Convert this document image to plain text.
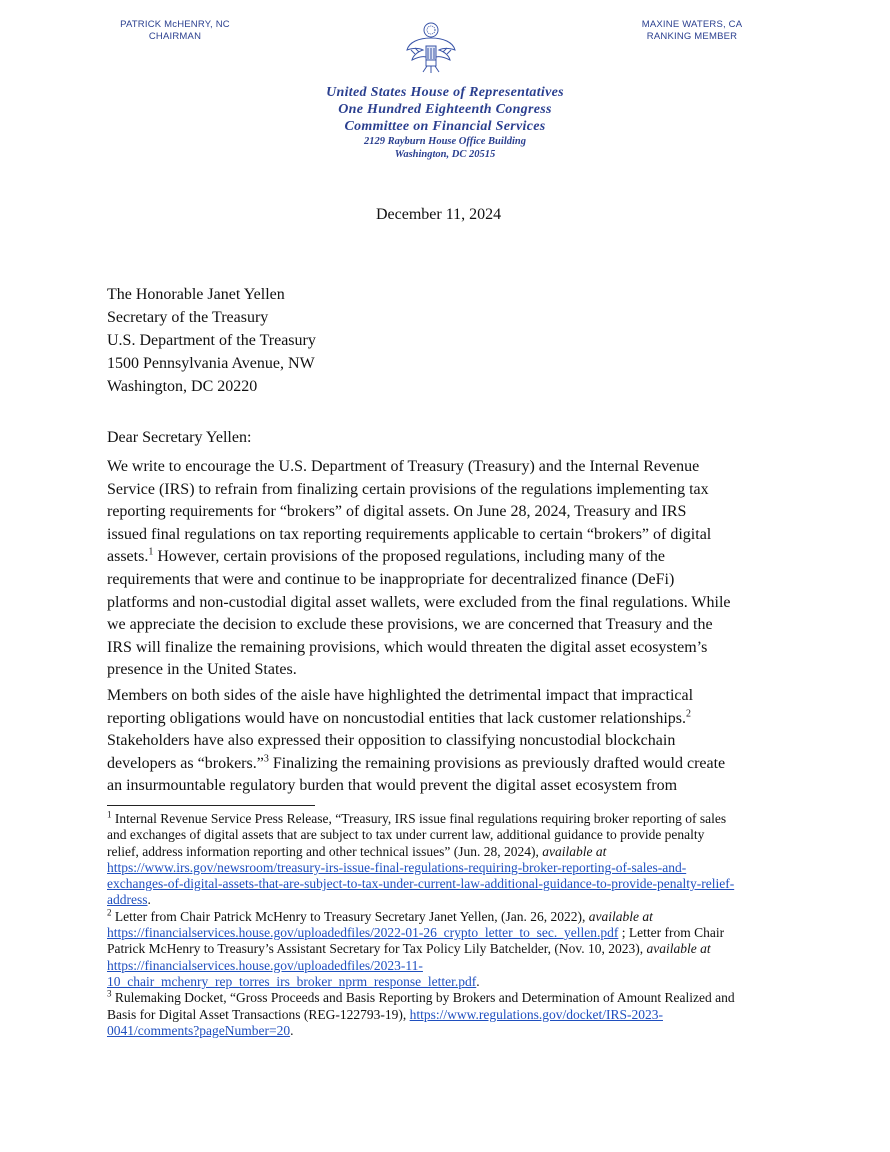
PATRICK McHENRY, NC
CHAIRMAN
MAXINE WATERS, CA
RANKING MEMBER
United States House of Representatives
One Hundred Eighteenth Congress
Committee on Financial Services
2129 Rayburn House Office Building
Washington, DC 20515
December 11, 2024
The Honorable Janet Yellen
Secretary of the Treasury
U.S. Department of the Treasury
1500 Pennsylvania Avenue, NW
Washington, DC 20220
Dear Secretary Yellen:
We write to encourage the U.S. Department of Treasury (Treasury) and the Internal Revenue
Service (IRS) to refrain from finalizing certain provisions of the regulations implementing tax
reporting requirements for “brokers” of digital assets. On June 28, 2024, Treasury and IRS
issued final regulations on tax reporting requirements applicable to certain “brokers” of digital
assets.$^1$ However, certain provisions of the proposed regulations, including many of the
requirements that were and continue to be inappropriate for decentralized finance (DeFi)
platforms and non-custodial digital asset wallets, were excluded from the final regulations. While
we appreciate the decision to exclude these provisions, we are concerned that Treasury and the
IRS will finalize the remaining provisions, which would threaten the digital asset ecosystem’s
presence in the United States.
Members on both sides of the aisle have highlighted the detrimental impact that impractical
reporting obligations would have on noncustodial entities that lack customer relationships.$^2$
Stakeholders have also expressed their opposition to classifying noncustodial blockchain
developers as “brokers.”$^3$ Finalizing the remaining provisions as previously drafted would create
an insurmountable regulatory burden that would prevent the digital asset ecosystem from
$^1$ Internal Revenue Service Press Release, “Treasury, IRS issue final regulations requiring broker reporting of sales
and exchanges of digital assets that are subject to tax under current law, additional guidance to provide penalty
relief, address information reporting and other technical issues” (Jun. 28, 2024), available at
https://www.irs.gov/newsroom/treasury-irs-issue-final-regulations-requiring-broker-reporting-of-sales-and-
exchanges-of-digital-assets-that-are-subject-to-tax-under-current-law-additional-guidance-to-provide-penalty-relief-
address.
$^2$ Letter from Chair Patrick McHenry to Treasury Secretary Janet Yellen, (Jan. 26, 2022), available at
https://financialservices.house.gov/uploadedfiles/2022-01-26_crypto_letter_to_sec._yellen.pdf ; Letter from Chair
Patrick McHenry to Treasury’s Assistant Secretary for Tax Policy Lily Batchelder, (Nov. 10, 2023), available at
https://financialservices.house.gov/uploadedfiles/2023-11-
10_chair_mchenry_rep_torres_irs_broker_nprm_response_letter.pdf.
$^3$ Rulemaking Docket, “Gross Proceeds and Basis Reporting by Brokers and Determination of Amount Realized and
Basis for Digital Asset Transactions (REG-122793-19), https://www.regulations.gov/docket/IRS-2023-
0041/comments?pageNumber=20.
